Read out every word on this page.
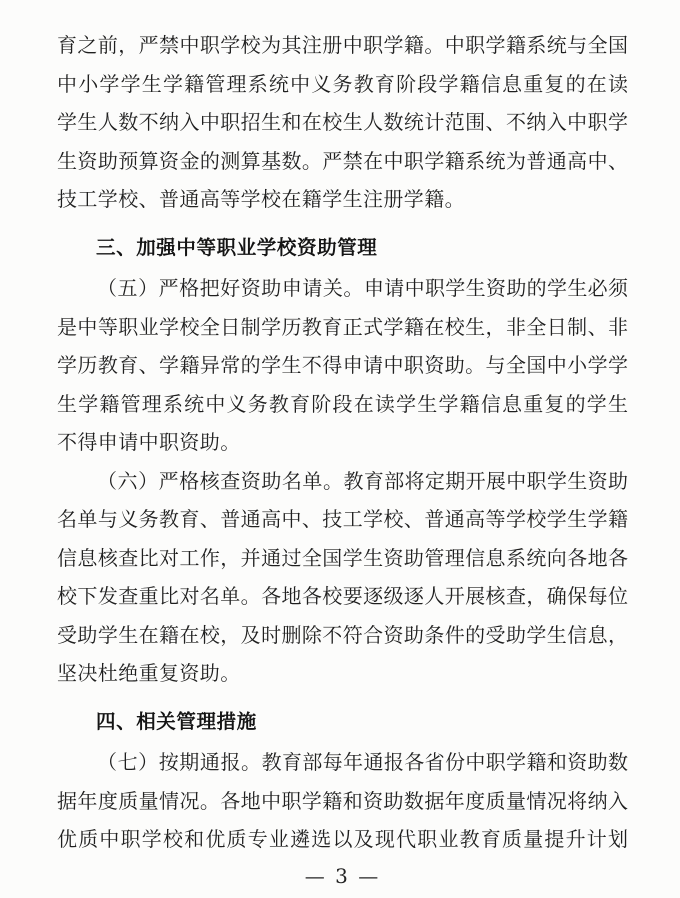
育之前，严禁中职学校为其注册中职学籍。中职学籍系统与全国
中小学学生学籍管理系统中义务教育阶段学籍信息重复的在读
学生人数不纳入中职招生和在校生人数统计范围、不纳入中职学
生资助预算资金的测算基数。严禁在中职学籍系统为普通高中、
技工学校、普通高等学校在籍学生注册学籍。
三、加强中等职业学校资助管理
（五）严格把好资助申请关。申请中职学生资助的学生必须
是中等职业学校全日制学历教育正式学籍在校生，非全日制、非
学历教育、学籍异常的学生不得申请中职资助。与全国中小学学
生学籍管理系统中义务教育阶段在读学生学籍信息重复的学生
不得申请中职资助。
（六）严格核查资助名单。教育部将定期开展中职学生资助
名单与义务教育、普通高中、技工学校、普通高等学校学生学籍
信息核查比对工作，并通过全国学生资助管理信息系统向各地各
校下发查重比对名单。各地各校要逐级逐人开展核查，确保每位
受助学生在籍在校，及时删除不符合资助条件的受助学生信息，
坚决杜绝重复资助。
四、相关管理措施
（七）按期通报。教育部每年通报各省份中职学籍和资助数
据年度质量情况。各地中职学籍和资助数据年度质量情况将纳入
优质中职学校和优质专业遴选以及现代职业教育质量提升计划
— 3 —
